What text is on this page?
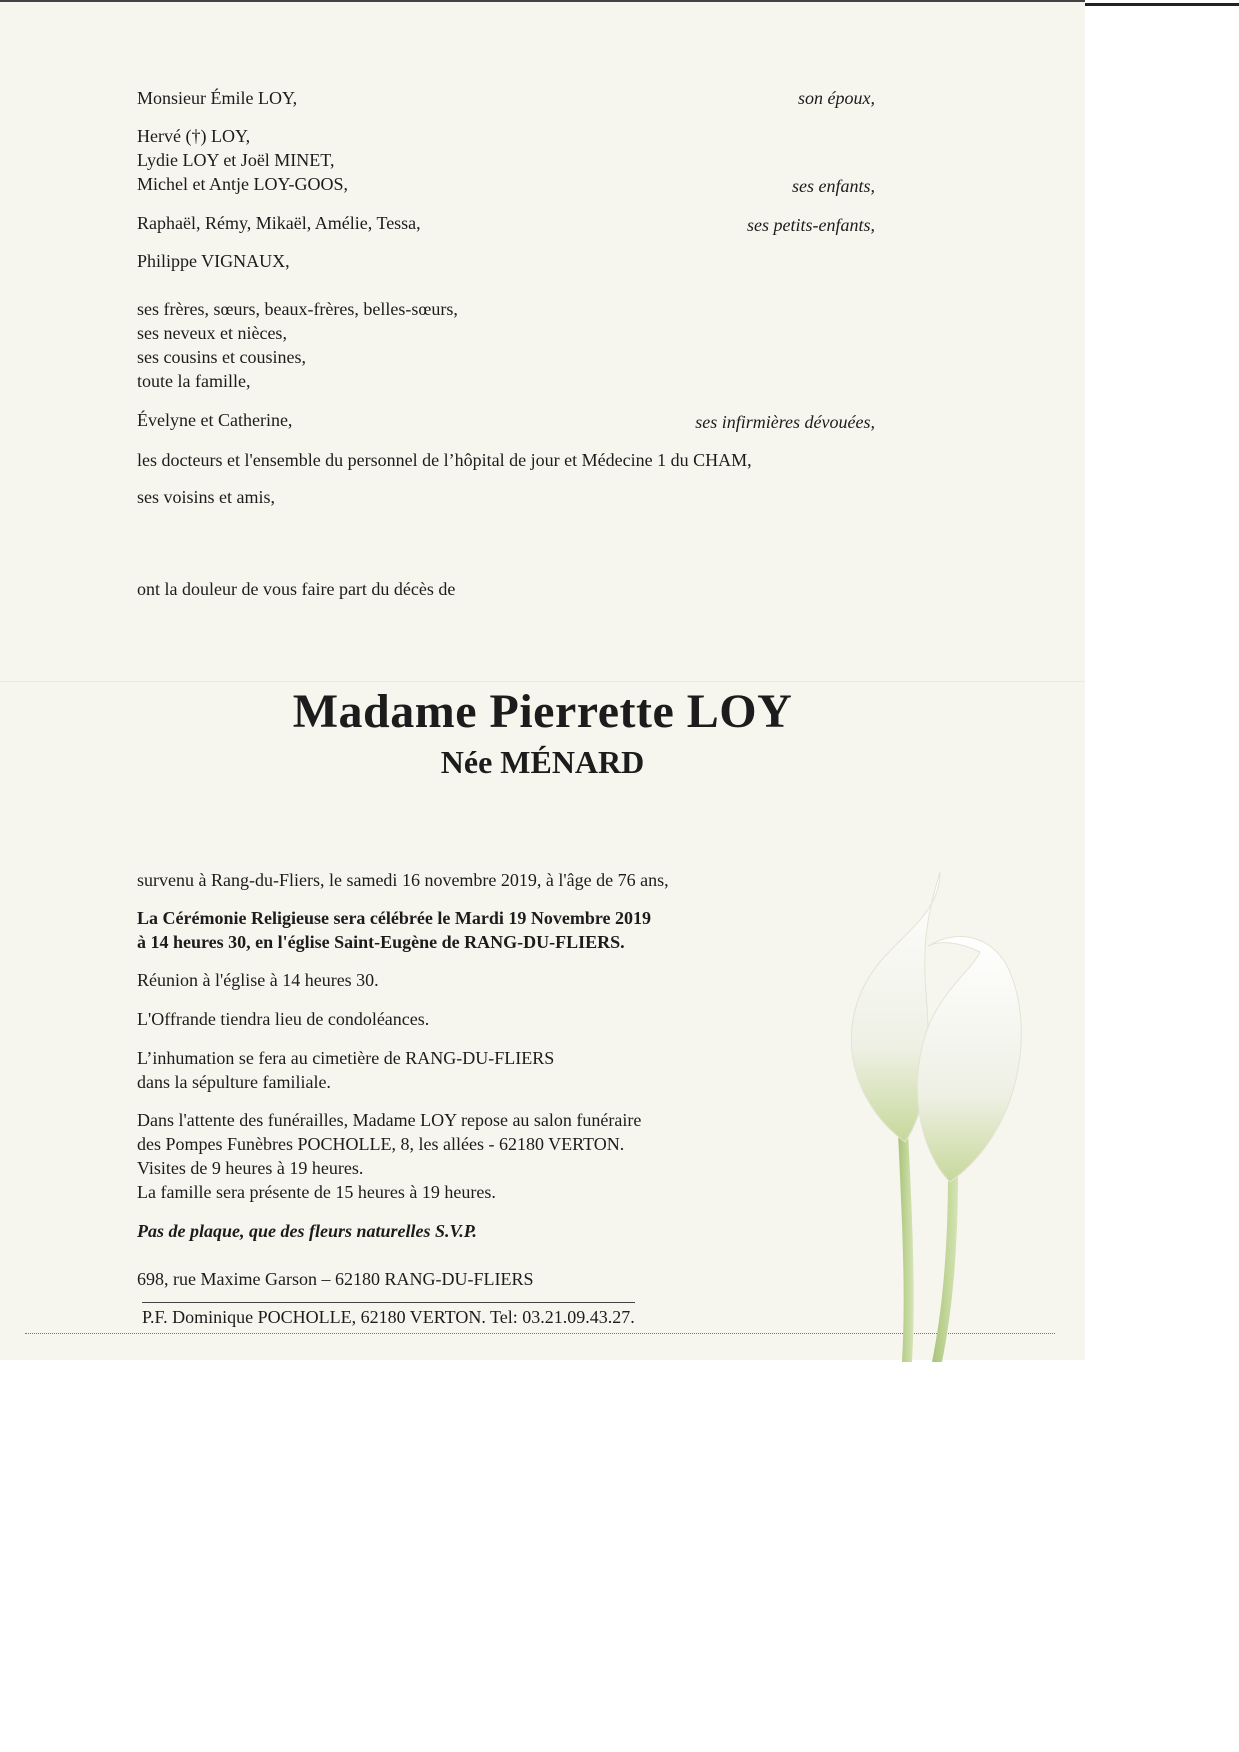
Monsieur Émile LOY,	son époux,
Hervé (†) LOY,
Lydie LOY et Joël MINET,
Michel et Antje LOY-GOOS,	ses enfants,
Raphaël, Rémy, Mikaël, Amélie, Tessa,	ses petits-enfants,
Philippe VIGNAUX,
ses frères, sœurs, beaux-frères, belles-sœurs,
ses neveux et nièces,
ses cousins et cousines,
toute la famille,
Évelyne et Catherine,	ses infirmières dévouées,
les docteurs et l'ensemble du personnel de l’hôpital de jour et Médecine 1 du CHAM,
ses voisins et amis,
ont la douleur de vous faire part du décès de
Madame Pierrette LOY
Née MÉNARD
survenu à Rang-du-Fliers, le samedi 16 novembre 2019, à l'âge de 76 ans,
La Cérémonie Religieuse sera célébrée le Mardi 19 Novembre 2019
à 14 heures 30, en l'église Saint-Eugène de RANG-DU-FLIERS.
Réunion à l'église à 14 heures 30.
L'Offrande tiendra lieu de condoléances.
L’inhumation se fera au cimetière de RANG-DU-FLIERS
dans la sépulture familiale.
Dans l'attente des funérailles, Madame LOY repose au salon funéraire
des Pompes Funèbres POCHOLLE, 8, les allées - 62180 VERTON.
Visites de 9 heures à 19 heures.
La famille sera présente de 15 heures à 19 heures.
Pas de plaque, que des fleurs naturelles S.V.P.
698, rue Maxime Garson – 62180 RANG-DU-FLIERS
P.F. Dominique POCHOLLE, 62180 VERTON. Tel: 03.21.09.43.27.
